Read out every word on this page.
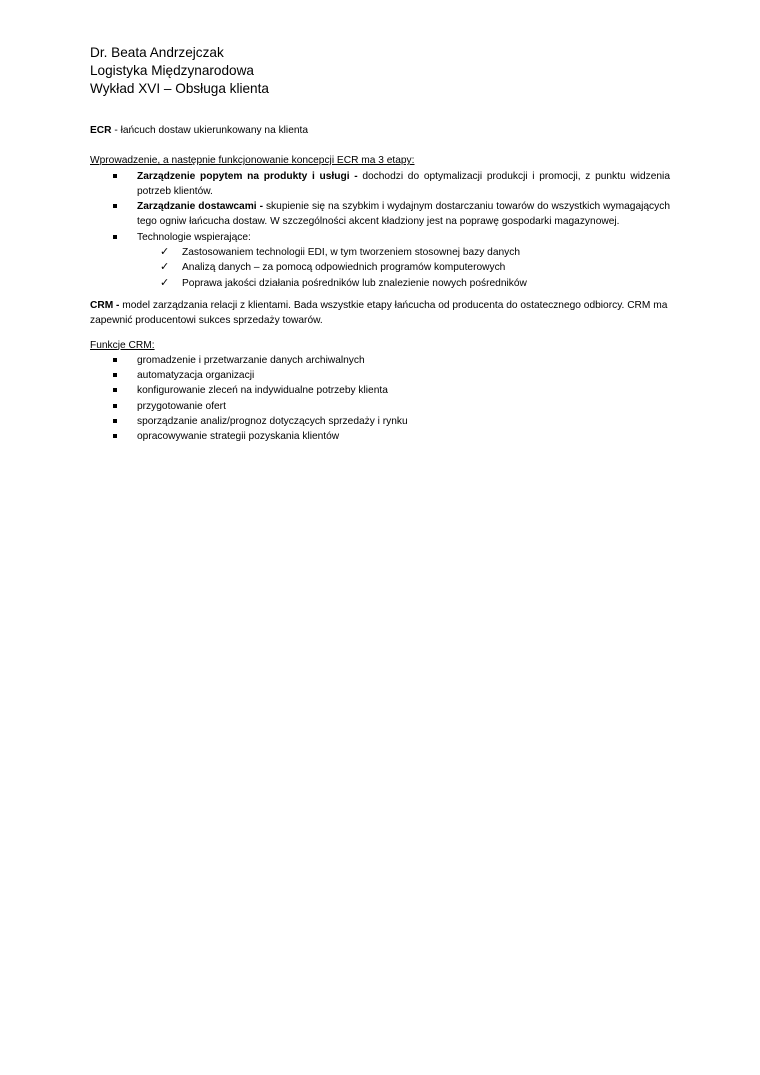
Dr. Beata Andrzejczak
Logistyka Międzynarodowa
Wykład XVI – Obsługa klienta

ECR - łańcuch dostaw ukierunkowany na klienta

Wprowadzenie, a następnie funkcjonowanie koncepcji ECR ma 3 etapy:

Zarządzenie popytem na produkty i usługi - dochodzi do optymalizacji produkcji i promocji, z punktu widzenia potrzeb klientów.
Zarządzanie dostawcami - skupienie się na szybkim i wydajnym dostarczaniu towarów do wszystkich wymagających tego ogniw łańcucha dostaw. W szczególności akcent kładziony jest na poprawę gospodarki magazynowej.
Technologie wspierające:
✓ Zastosowaniem technologii EDI, w tym tworzeniem stosownej bazy danych
✓ Analizą danych – za pomocą odpowiednich programów komputerowych
✓ Poprawa jakości działania pośredników lub znalezienie nowych pośredników

CRM - model zarządzania relacji z klientami. Bada wszystkie etapy łańcucha od producenta do ostatecznego odbiorcy. CRM ma zapewnić producentowi sukces sprzedaży towarów.

Funkcje CRM:

gromadzenie i przetwarzanie danych archiwalnych
automatyzacja organizacji
konfigurowanie zleceń na indywidualne potrzeby klienta
przygotowanie ofert
sporządzanie analiz/prognoz dotyczących sprzedaży i rynku
opracowywanie strategii pozyskania klientów
